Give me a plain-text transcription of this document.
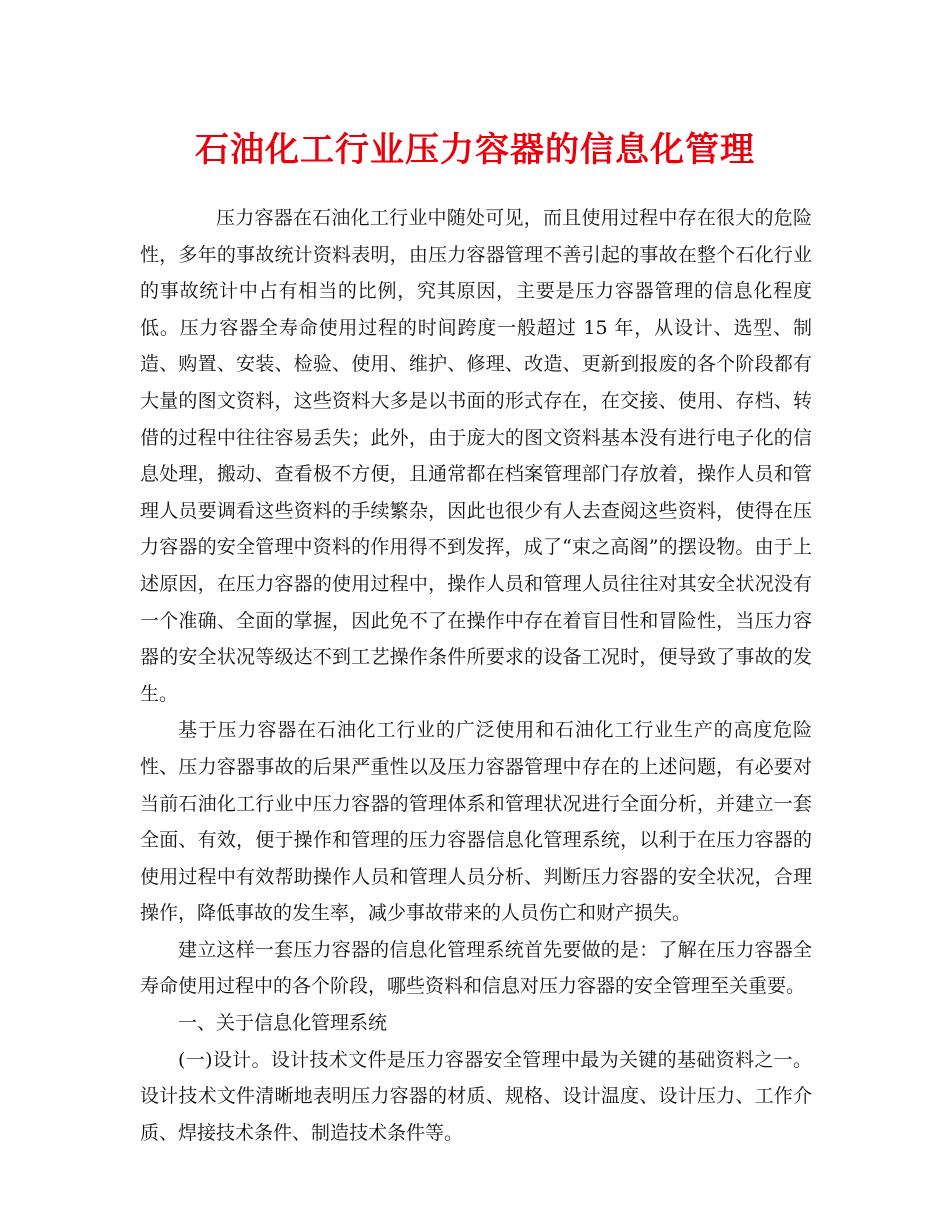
石油化工行业压力容器的信息化管理

压力容器在石油化工行业中随处可见，而且使用过程中存在很大的危险性，多年的事故统计资料表明，由压力容器管理不善引起的事故在整个石化行业的事故统计中占有相当的比例，究其原因，主要是压力容器管理的信息化程度低。压力容器全寿命使用过程的时间跨度一般超过 15 年，从设计、选型、制造、购置、安装、检验、使用、维护、修理、改造、更新到报废的各个阶段都有大量的图文资料，这些资料大多是以书面的形式存在，在交接、使用、存档、转借的过程中往往容易丢失；此外，由于庞大的图文资料基本没有进行电子化的信息处理，搬动、查看极不方便，且通常都在档案管理部门存放着，操作人员和管理人员要调看这些资料的手续繁杂，因此也很少有人去查阅这些资料，使得在压力容器的安全管理中资料的作用得不到发挥，成了“束之高阁”的摆设物。由于上述原因，在压力容器的使用过程中，操作人员和管理人员往往对其安全状况没有一个准确、全面的掌握，因此免不了在操作中存在着盲目性和冒险性，当压力容器的安全状况等级达不到工艺操作条件所要求的设备工况时，便导致了事故的发生。

基于压力容器在石油化工行业的广泛使用和石油化工行业生产的高度危险性、压力容器事故的后果严重性以及压力容器管理中存在的上述问题，有必要对当前石油化工行业中压力容器的管理体系和管理状况进行全面分析，并建立一套全面、有效，便于操作和管理的压力容器信息化管理系统，以利于在压力容器的使用过程中有效帮助操作人员和管理人员分析、判断压力容器的安全状况，合理操作，降低事故的发生率，减少事故带来的人员伤亡和财产损失。

建立这样一套压力容器的信息化管理系统首先要做的是：了解在压力容器全寿命使用过程中的各个阶段，哪些资料和信息对压力容器的安全管理至关重要。

一、关于信息化管理系统

(一)设计。设计技术文件是压力容器安全管理中最为关键的基础资料之一。设计技术文件清晰地表明压力容器的材质、规格、设计温度、设计压力、工作介质、焊接技术条件、制造技术条件等。
